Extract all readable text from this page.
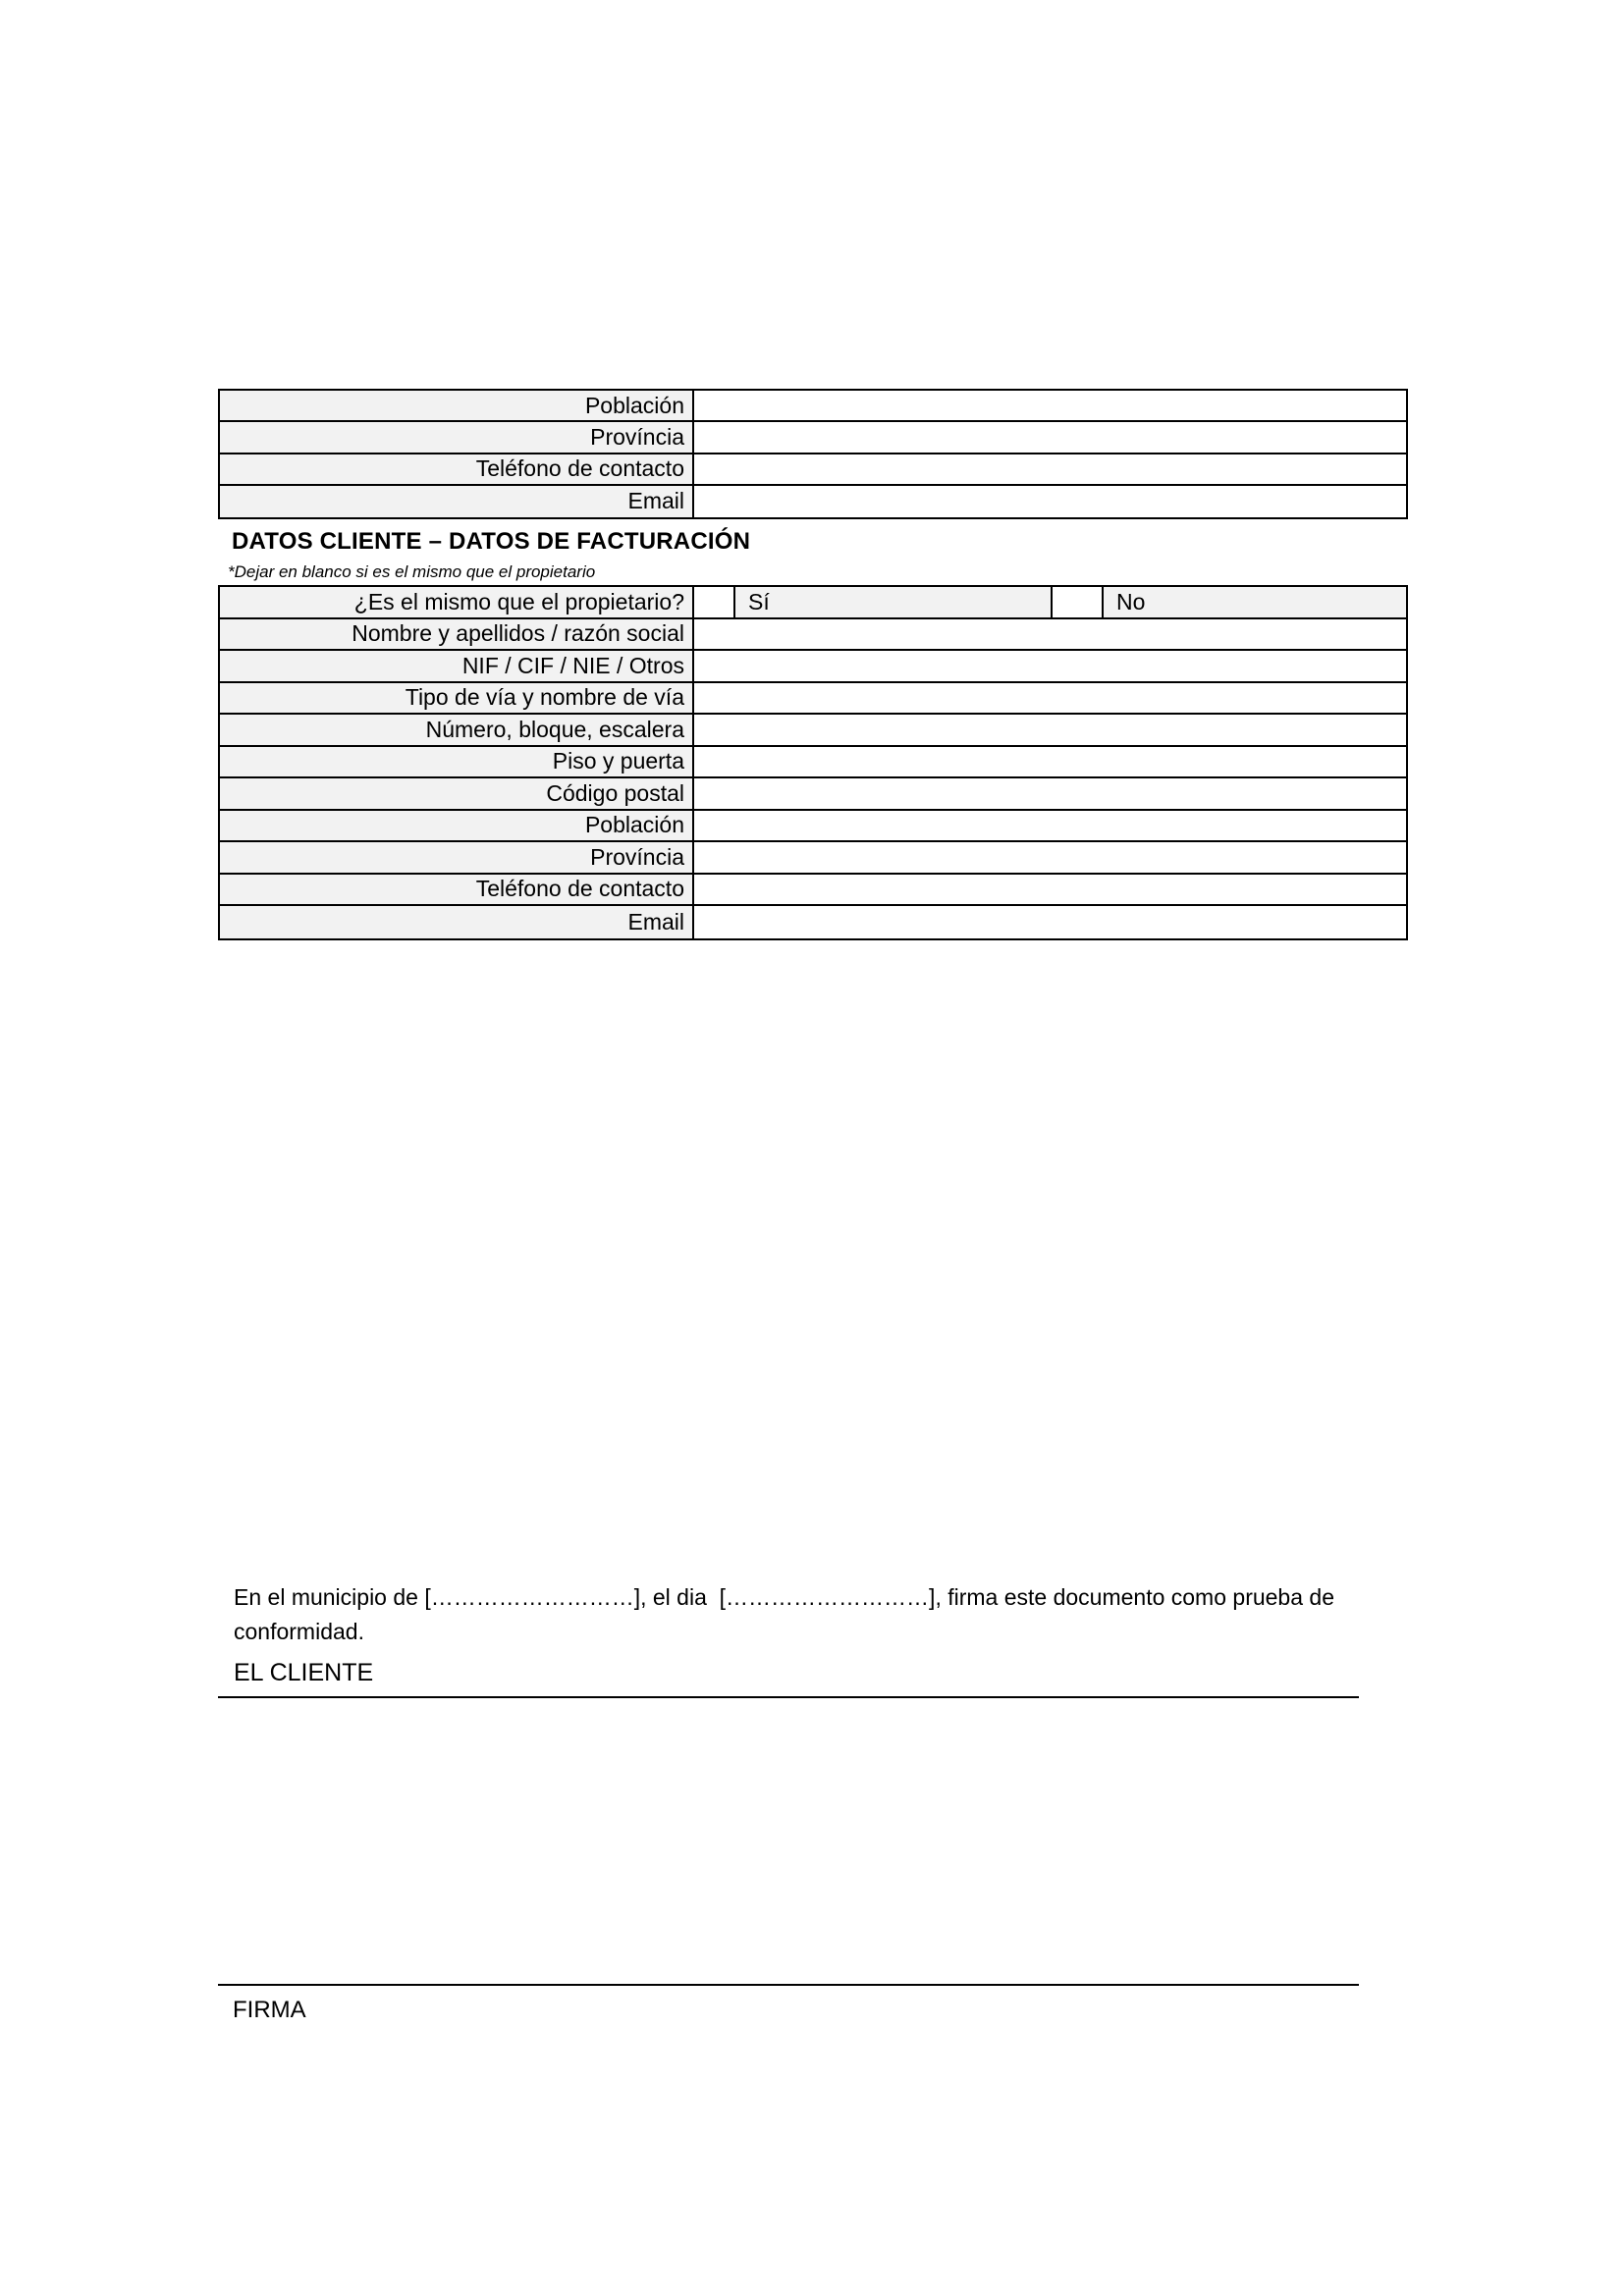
Población
Província
Teléfono de contacto
Email
DATOS CLIENTE – DATOS DE FACTURACIÓN
*Dejar en blanco si es el mismo que el propietario
¿Es el mismo que el propietario?	Sí	No
Nombre y apellidos / razón social
NIF / CIF / NIE / Otros
Tipo de vía y nombre de vía
Número, bloque, escalera
Piso y puerta
Código postal
Población
Província
Teléfono de contacto
Email
En el municipio de [………………………], el dia  [………………………], firma este documento como prueba de conformidad.
EL CLIENTE
FIRMA
